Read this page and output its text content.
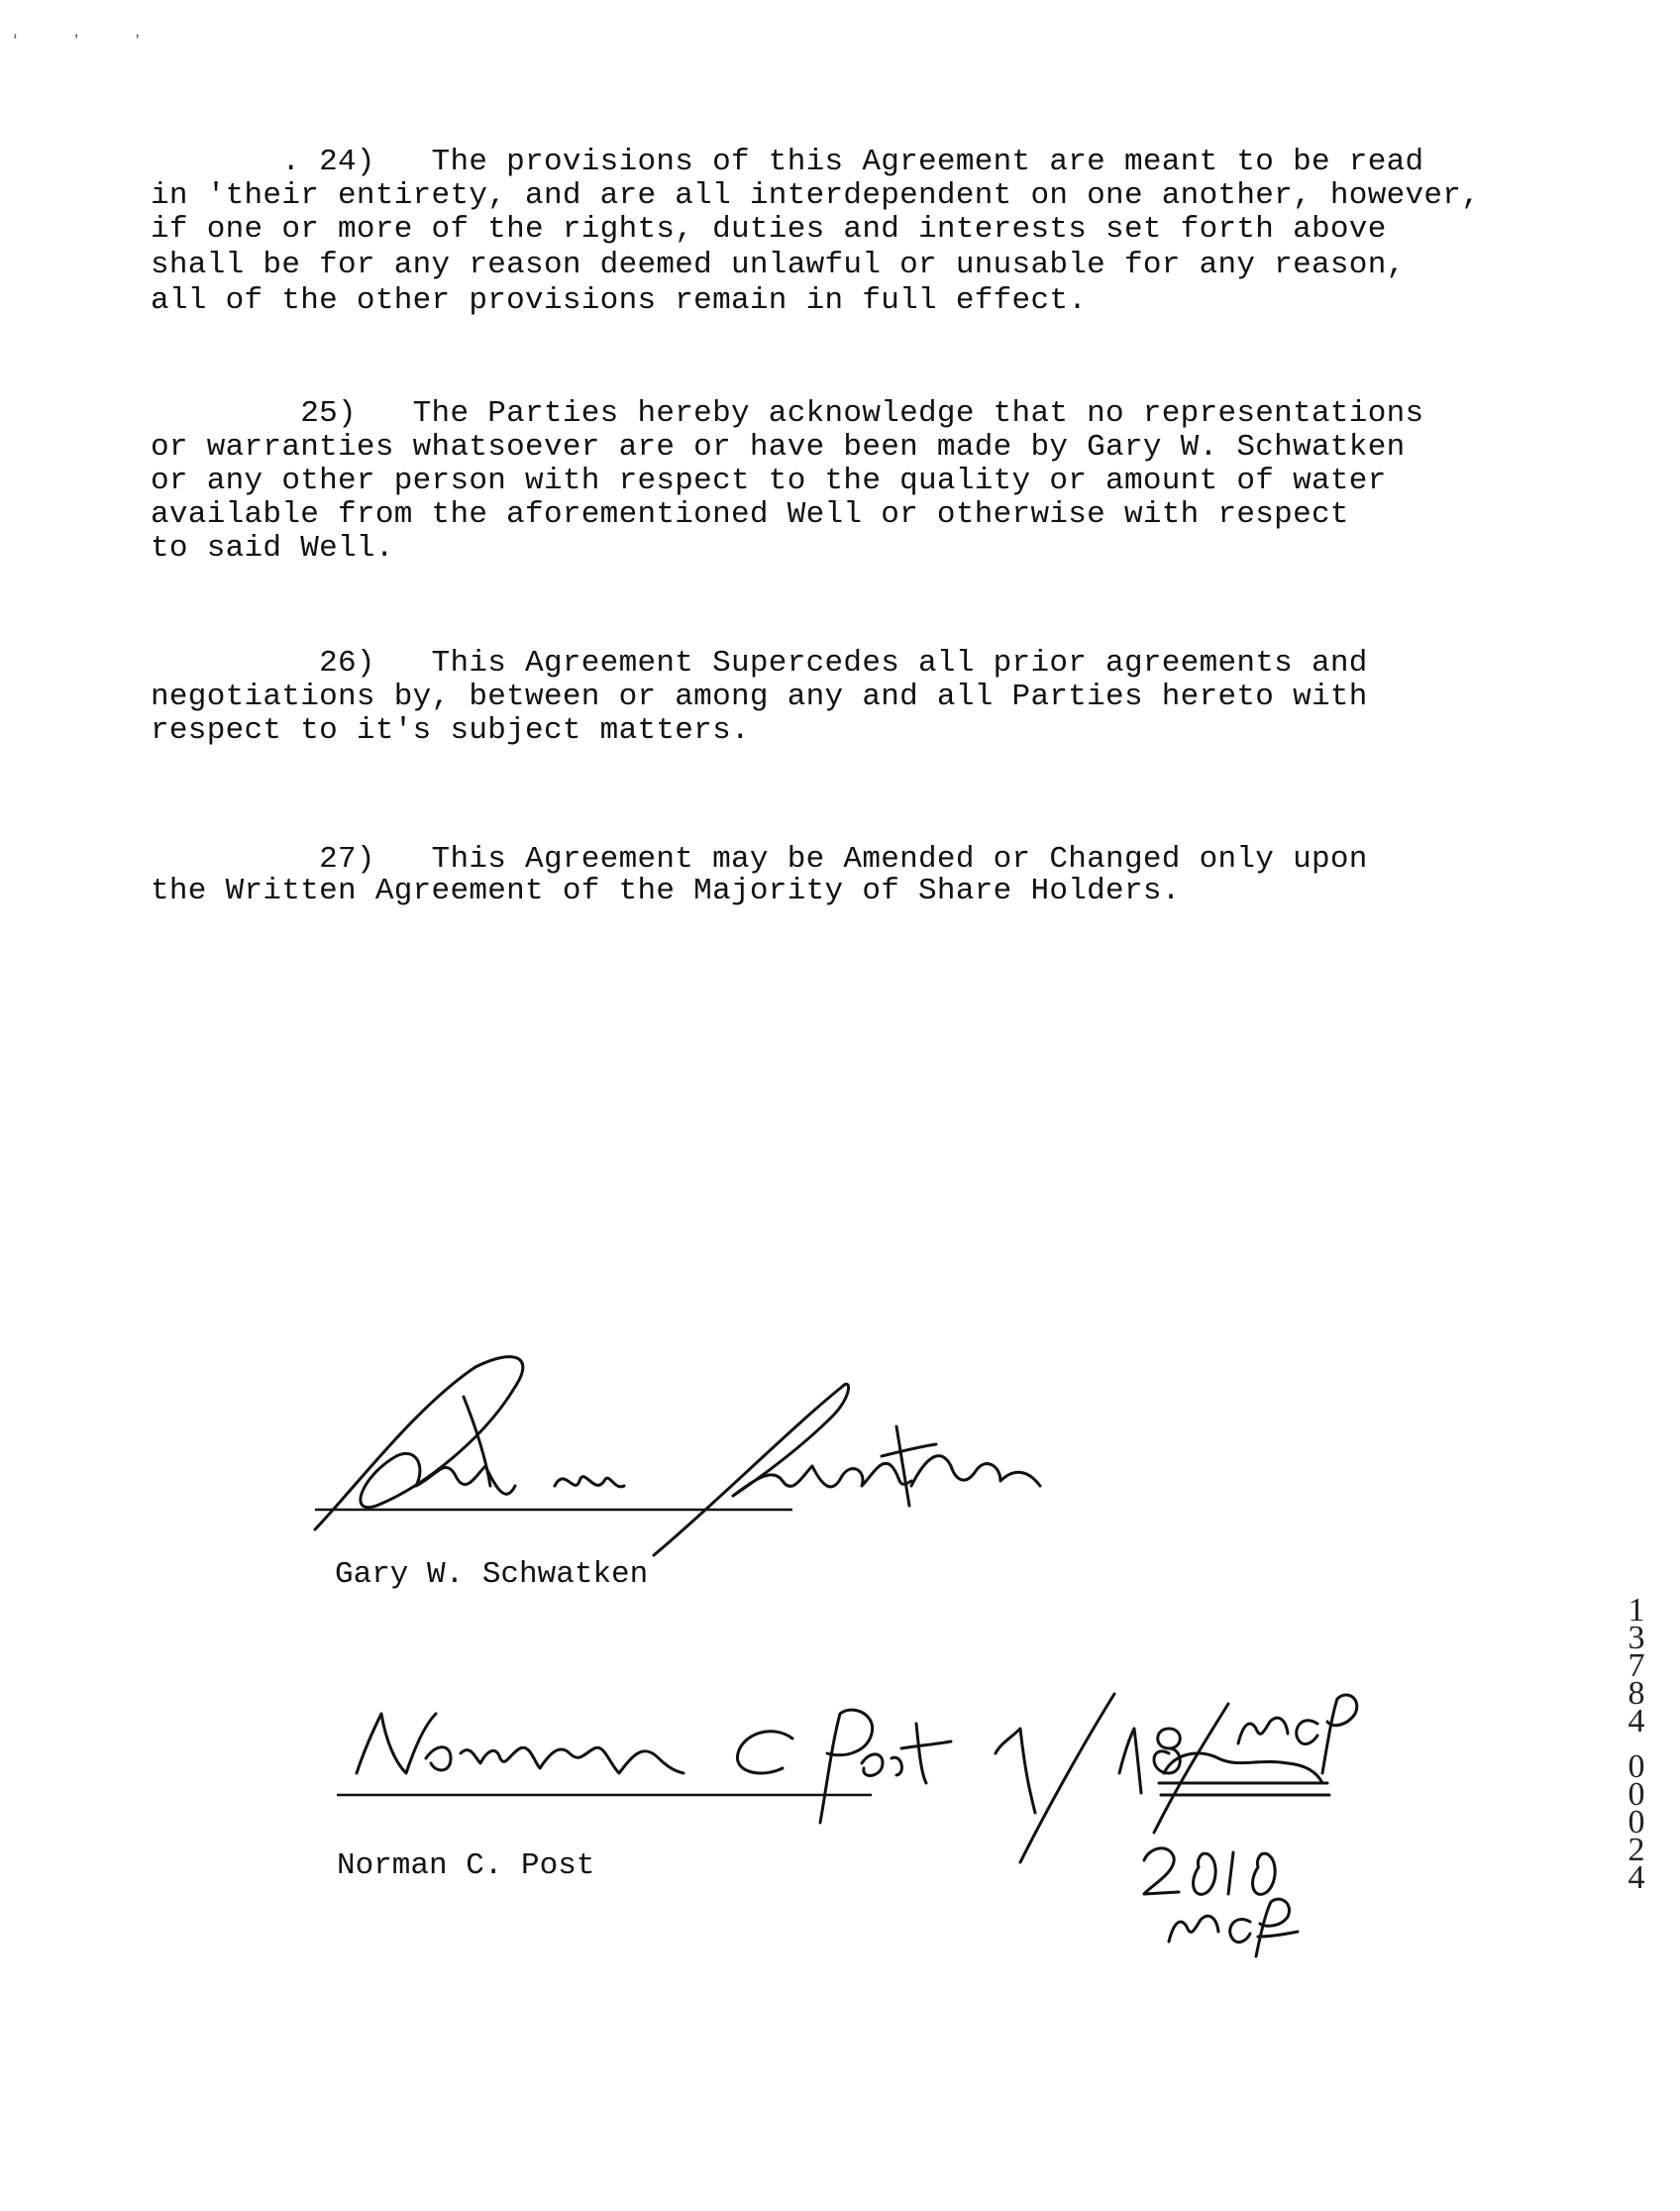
ʻ ʼ ʼ
. 24)   The provisions of this Agreement are meant to be read
in 'their entirety, and are all interdependent on one another, however,
if one or more of the rights, duties and interests set forth above
shall be for any reason deemed unlawful or unusable for any reason,
all of the other provisions remain in full effect.
25)   The Parties hereby acknowledge that no representations
or warranties whatsoever are or have been made by Gary W. Schwatken
or any other person with respect to the quality or amount of water
available from the aforementioned Well or otherwise with respect
to said Well.
26)   This Agreement Supercedes all prior agreements and
negotiations by, between or among any and all Parties hereto with
respect to it's subject matters.
27)   This Agreement may be Amended or Changed only upon
the Written Agreement of the Majority of Share Holders.
Gary W. Schwatken
Norman C. Post
1
3
7
8
4
0
0
0
2
4
